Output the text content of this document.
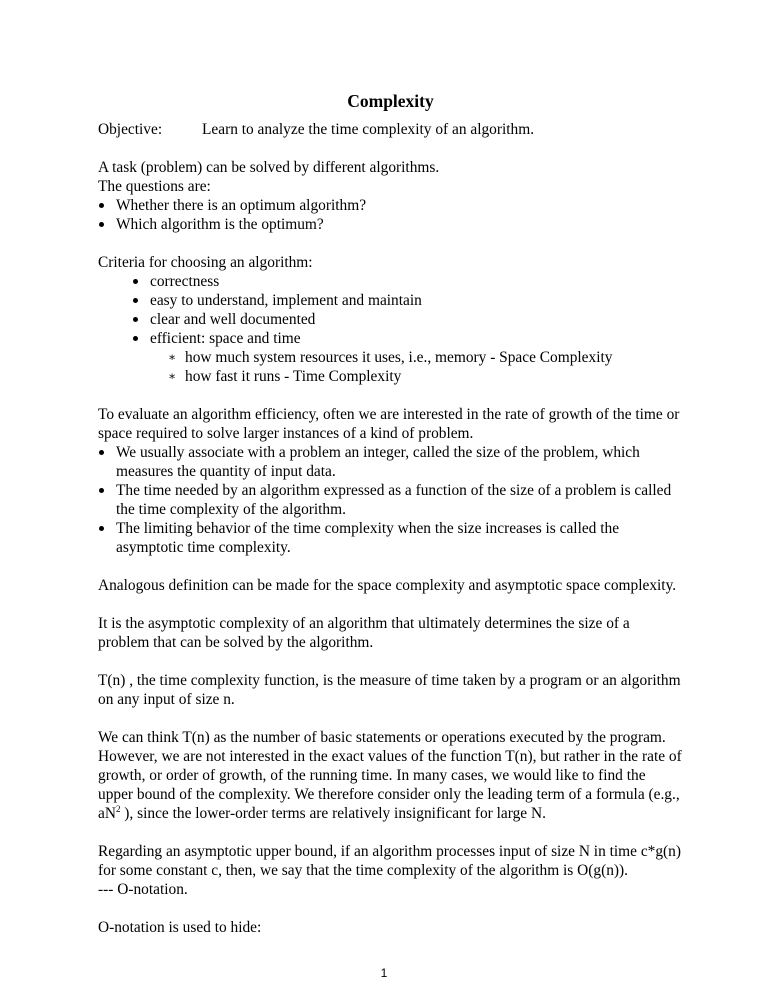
Complexity
Objective:	Learn to analyze the time complexity of an algorithm.

A task (problem) can be solved by different algorithms.

The questions are:

Whether there is an optimum algorithm?
Which algorithm is the optimum?

Criteria for choosing an algorithm:

correctness
easy to understand, implement and maintain
clear and well documented
efficient: space and time
∗ how much system resources it uses, i.e., memory - Space Complexity
∗ how fast it runs - Time Complexity

To evaluate an algorithm efficiency, often we are interested in the rate of growth of the time or space required to solve larger instances of a kind of problem.

We usually associate with a problem an integer, called the size of the problem, which measures the quantity of input data.
The time needed by an algorithm expressed as a function of the size of a problem is called the time complexity of the algorithm.
The limiting behavior of the time complexity when the size increases is called the asymptotic time complexity.

Analogous definition can be made for the space complexity and asymptotic space complexity.

It is the asymptotic complexity of an algorithm that ultimately determines the size of a problem that can be solved by the algorithm.

T(n) , the time complexity function, is the measure of time taken by a program or an algorithm on any input of size n.

We can think T(n) as the number of basic statements or operations executed by the program. However, we are not interested in the exact values of the function T(n), but rather in the rate of growth, or order of growth, of the running time. In many cases, we would like to find the upper bound of the complexity. We therefore consider only the leading term of a formula (e.g., $aN^2$ ), since the lower-order terms are relatively insignificant for large N.

Regarding an asymptotic upper bound, if an algorithm processes input of size N in time c*g(n) for some constant c, then, we say that the time complexity of the algorithm is O(g(n)).

--- O-notation.

O-notation is used to hide:

1
